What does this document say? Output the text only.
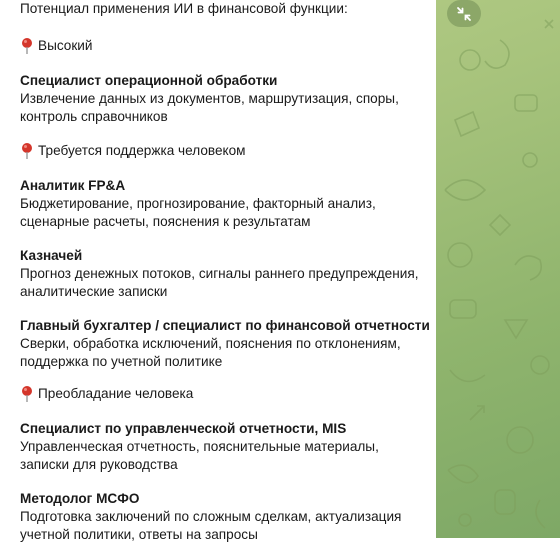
Потенциал применения ИИ в финансовой функции:
Высокий
Специалист операционной обработки
Извлечение данных из документов, маршрутизация, споры,
контроль справочников
Требуется поддержка человеком
Аналитик FP&A
Бюджетирование, прогнозирование, факторный анализ,
сценарные расчеты, пояснения к результатам
Казначей
Прогноз денежных потоков, сигналы раннего предупреждения,
аналитические записки
Главный бухгалтер / специалист по финансовой отчетности
Сверки, обработка исключений, пояснения по отклонениям,
поддержка по учетной политике
Преобладание человека
Специалист по управленческой отчетности, MIS
Управленческая отчетность, пояснительные материалы,
записки для руководства
Методолог МСФО
Подготовка заключений по сложным сделкам, актуализация
учетной политики, ответы на запросы
